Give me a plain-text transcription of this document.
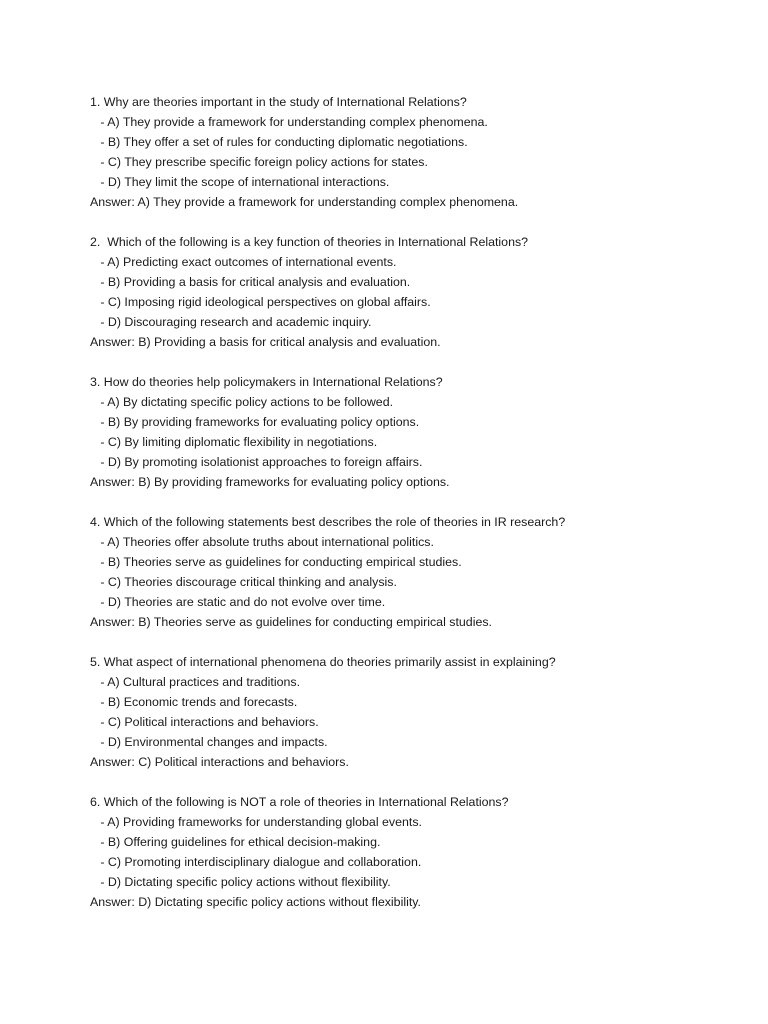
1. Why are theories important in the study of International Relations?
- A) They provide a framework for understanding complex phenomena.
- B) They offer a set of rules for conducting diplomatic negotiations.
- C) They prescribe specific foreign policy actions for states.
- D) They limit the scope of international interactions.
Answer: A) They provide a framework for understanding complex phenomena.
2.  Which of the following is a key function of theories in International Relations?
- A) Predicting exact outcomes of international events.
- B) Providing a basis for critical analysis and evaluation.
- C) Imposing rigid ideological perspectives on global affairs.
- D) Discouraging research and academic inquiry.
Answer: B) Providing a basis for critical analysis and evaluation.
3. How do theories help policymakers in International Relations?
- A) By dictating specific policy actions to be followed.
- B) By providing frameworks for evaluating policy options.
- C) By limiting diplomatic flexibility in negotiations.
- D) By promoting isolationist approaches to foreign affairs.
Answer: B) By providing frameworks for evaluating policy options.
4. Which of the following statements best describes the role of theories in IR research?
- A) Theories offer absolute truths about international politics.
- B) Theories serve as guidelines for conducting empirical studies.
- C) Theories discourage critical thinking and analysis.
- D) Theories are static and do not evolve over time.
Answer: B) Theories serve as guidelines for conducting empirical studies.
5. What aspect of international phenomena do theories primarily assist in explaining?
- A) Cultural practices and traditions.
- B) Economic trends and forecasts.
- C) Political interactions and behaviors.
- D) Environmental changes and impacts.
Answer: C) Political interactions and behaviors.
6. Which of the following is NOT a role of theories in International Relations?
- A) Providing frameworks for understanding global events.
- B) Offering guidelines for ethical decision-making.
- C) Promoting interdisciplinary dialogue and collaboration.
- D) Dictating specific policy actions without flexibility.
Answer: D) Dictating specific policy actions without flexibility.
